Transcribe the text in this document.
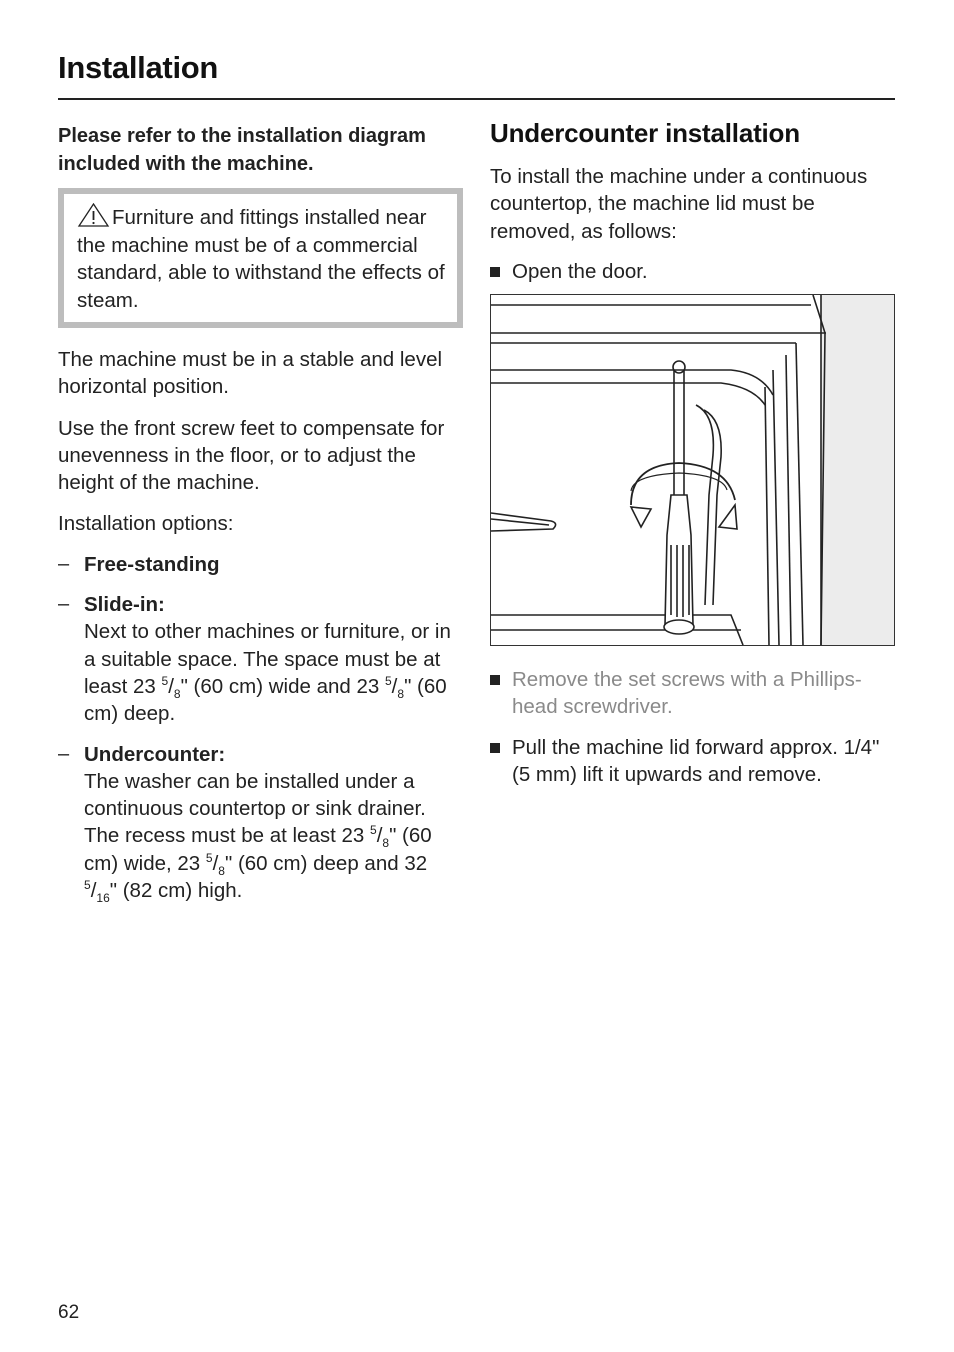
Installation

Please refer to the installation diagram included with the machine.

Furniture and fittings installed near the machine must be of a commercial standard, able to withstand the effects of steam.

The machine must be in a stable and level horizontal position.

Use the front screw feet to compensate for unevenness in the floor, or to adjust the height of the machine.

Installation options:

– Free-standing

– Slide-in:

Next to other machines or furniture, or in a suitable space. The space must be at least 23 $^5/_8$" (60 cm) wide and 23 $^5/_8$" (60 cm) deep.

– Undercounter:

The washer can be installed under a continuous countertop or sink drainer.

The recess must be at least 23 $^5/_8$" (60 cm) wide, 23 $^5/_8$" (60 cm) deep and 32 $^5/_{16}$" (82 cm) high.

Undercounter installation

To install the machine under a continuous countertop, the machine lid must be removed, as follows:

Open the door.

Remove the set screws with a Phillips-head screwdriver.

Pull the machine lid forward approx. 1/4" (5 mm) lift it upwards and remove.

62
